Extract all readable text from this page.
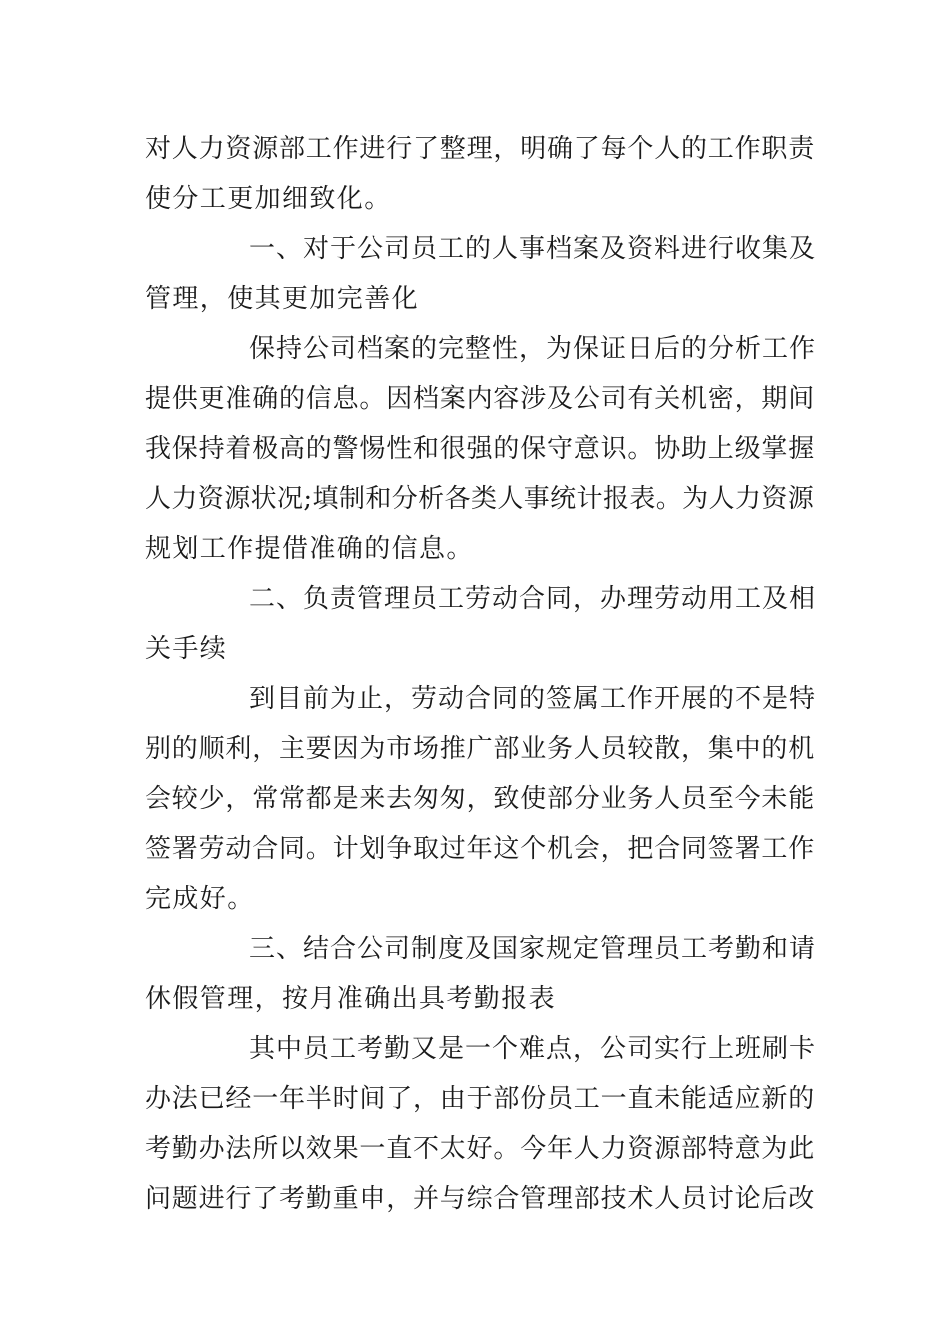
对人力资源部工作进行了整理，明确了每个人的工作职责
使分工更加细致化。
一、对于公司员工的人事档案及资料进行收集及
管理，使其更加完善化
保持公司档案的完整性，为保证日后的分析工作
提供更准确的信息。因档案内容涉及公司有关机密，期间
我保持着极高的警惕性和很强的保守意识。协助上级掌握
人力资源状况;填制和分析各类人事统计报表。为人力资源
规划工作提借准确的信息。
二、负责管理员工劳动合同，办理劳动用工及相
关手续
到目前为止，劳动合同的签属工作开展的不是特
别的顺利，主要因为市场推广部业务人员较散，集中的机
会较少，常常都是来去匆匆，致使部分业务人员至今未能
签署劳动合同。计划争取过年这个机会，把合同签署工作
完成好。
三、结合公司制度及国家规定管理员工考勤和请
休假管理，按月准确出具考勤报表
其中员工考勤又是一个难点，公司实行上班刷卡
办法已经一年半时间了，由于部份员工一直未能适应新的
考勤办法所以效果一直不太好。今年人力资源部特意为此
问题进行了考勤重申，并与综合管理部技术人员讨论后改
